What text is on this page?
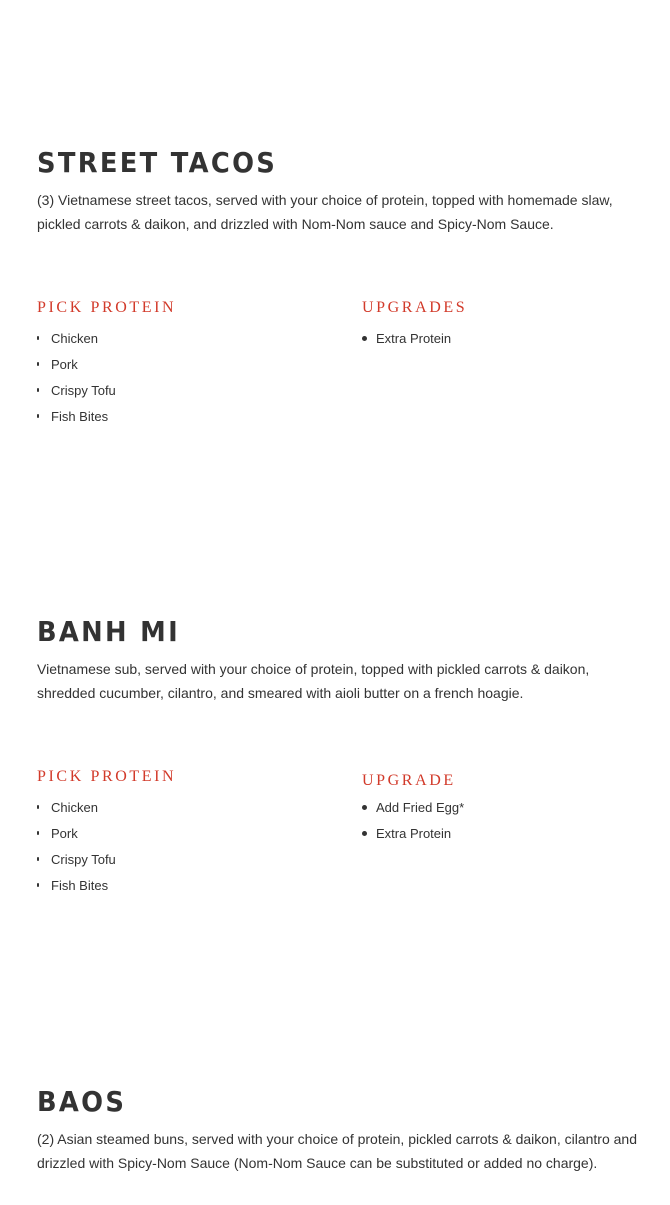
STREET TACOS

(3) Vietnamese street tacos, served with your choice of protein, topped with homemade slaw, pickled carrots & daikon, and drizzled with Nom-Nom sauce and Spicy-Nom Sauce.

PICK PROTEIN
Chicken
Pork
Crispy Tofu
Fish Bites
UPGRADES
Extra Protein
BANH MI

Vietnamese sub, served with your choice of protein, topped with pickled carrots & daikon, shredded cucumber, cilantro, and smeared with aioli butter on a french hoagie.

PICK PROTEIN
Chicken
Pork
Crispy Tofu
Fish Bites
UPGRADE
Add Fried Egg*
Extra Protein
BAOS

(2) Asian steamed buns, served with your choice of protein, pickled carrots & daikon, cilantro and drizzled with Spicy-Nom Sauce (Nom-Nom Sauce can be substituted or added no charge).
